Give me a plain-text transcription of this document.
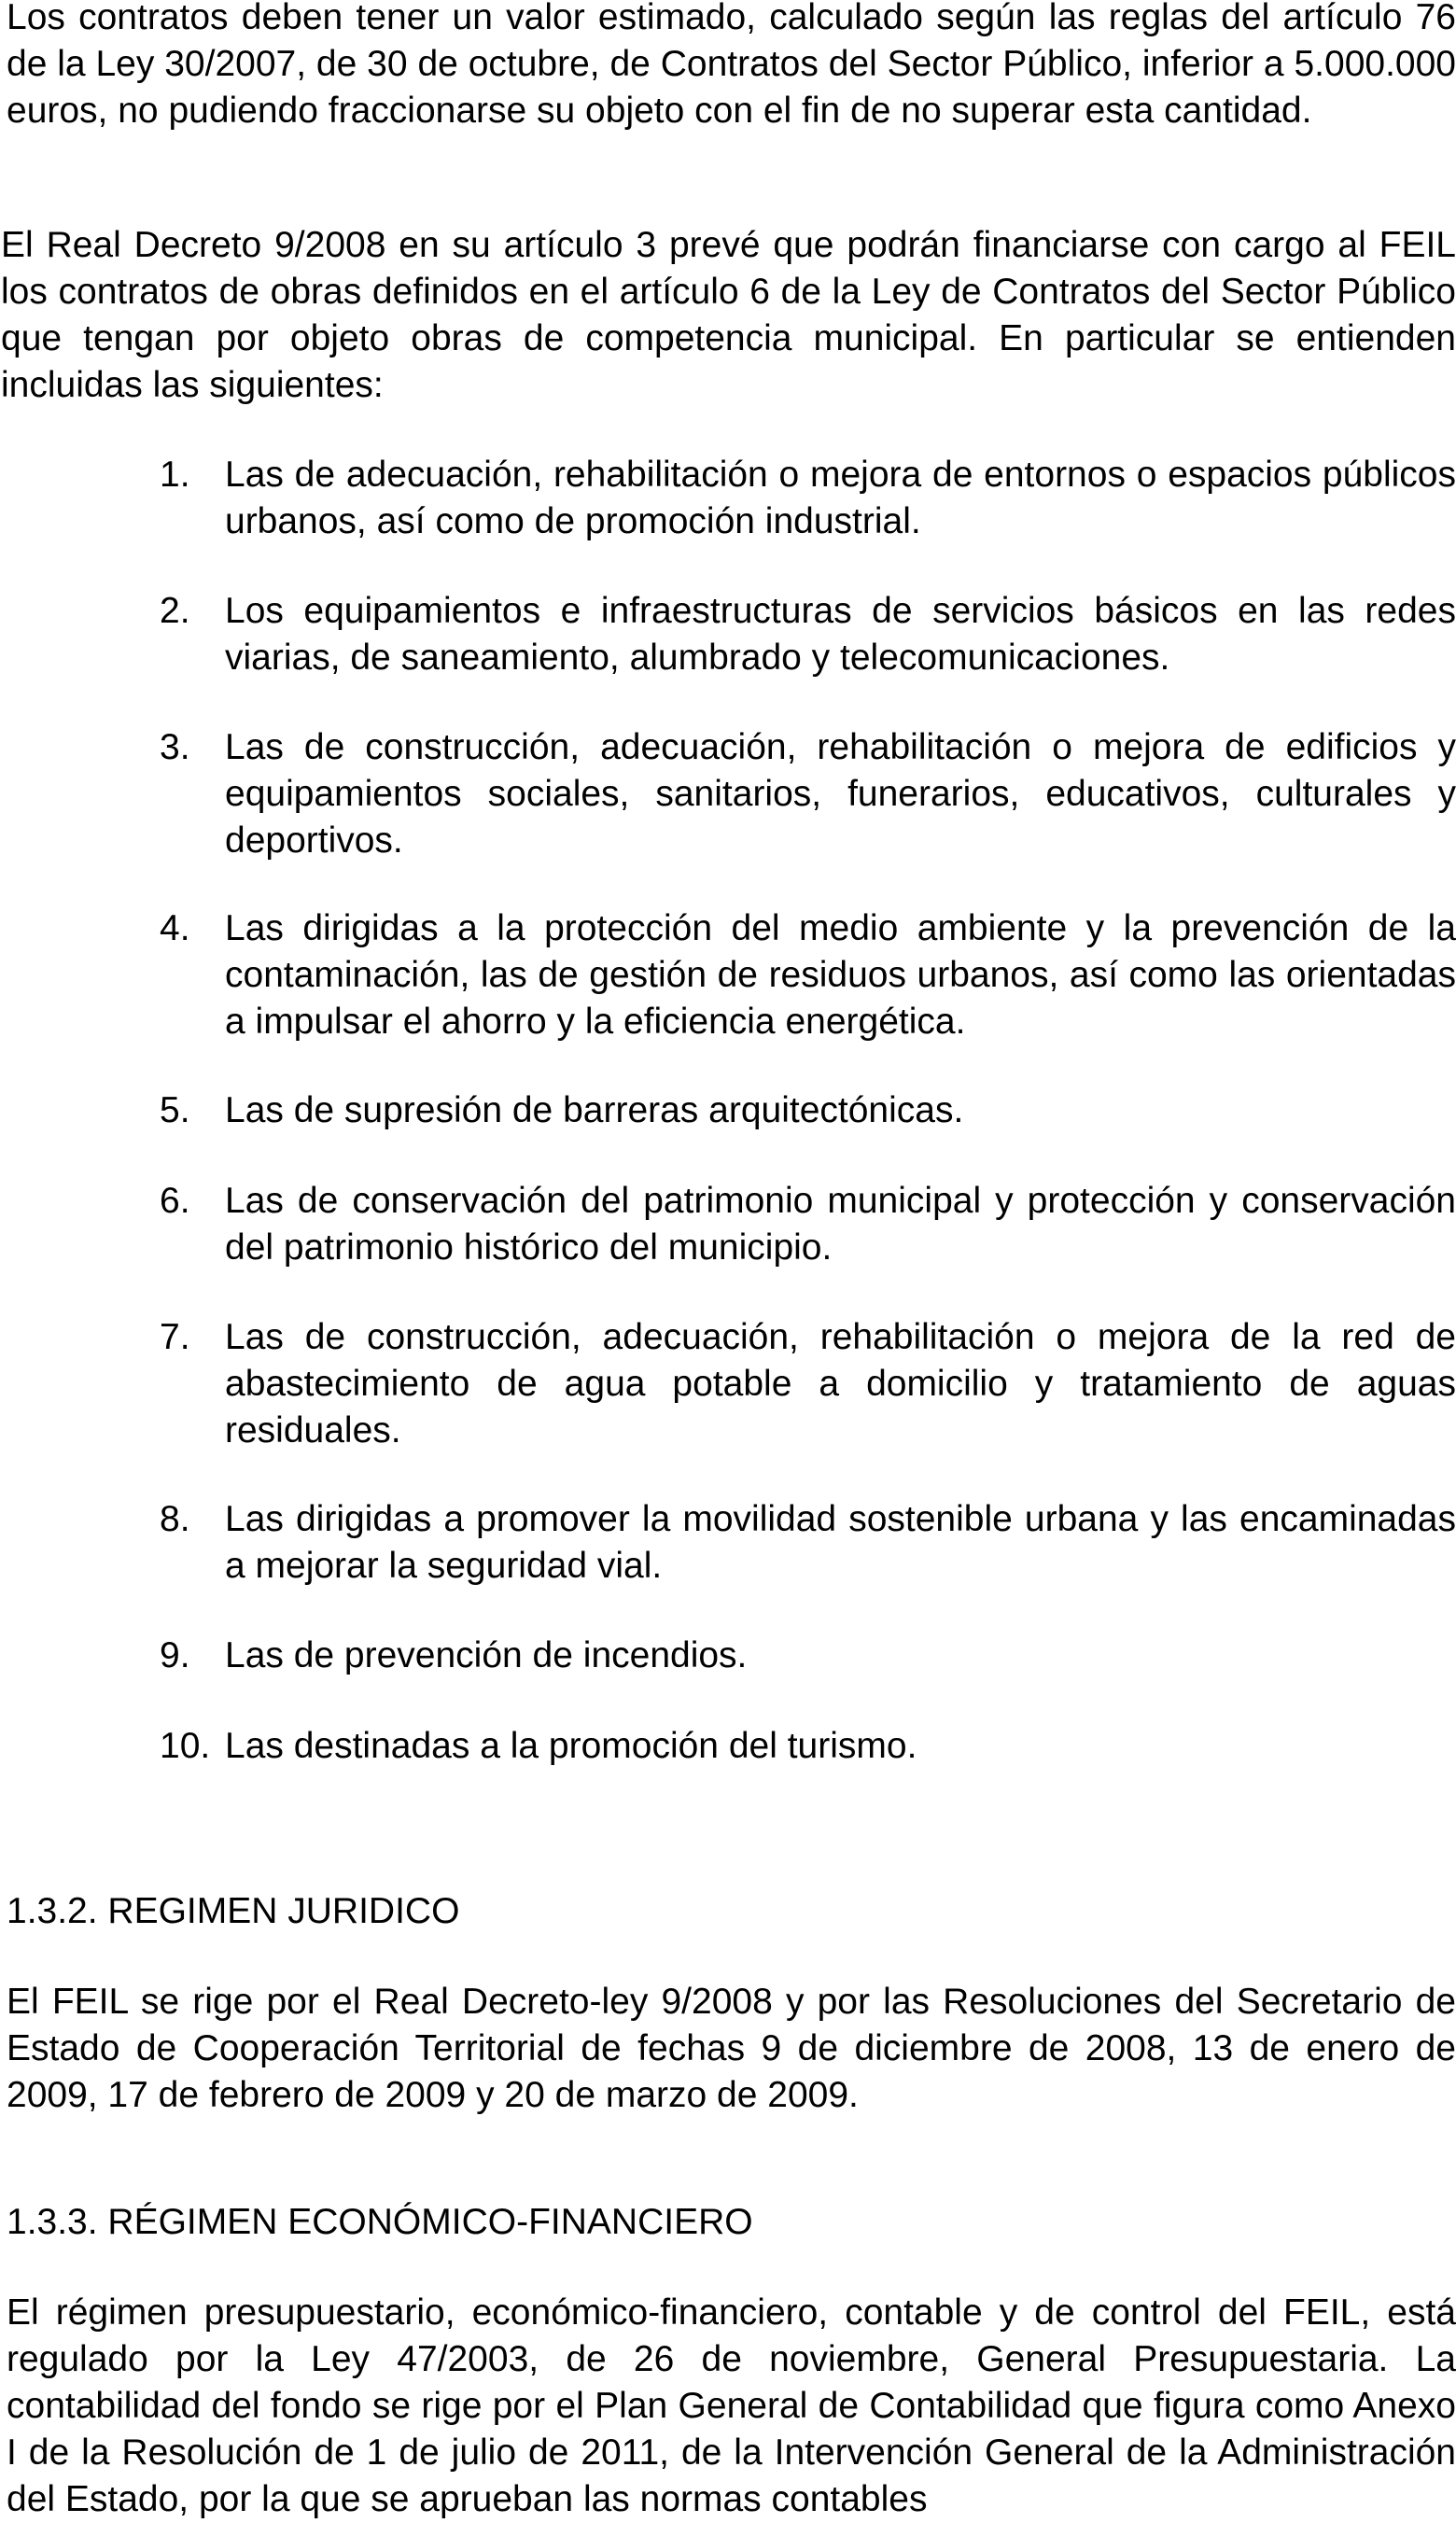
Los contratos deben tener un valor estimado, calculado según las reglas del artículo 76 de la Ley 30/2007, de 30 de octubre, de Contratos del Sector Público, inferior a 5.000.000 euros, no pudiendo fraccionarse su objeto con el fin de no superar esta cantidad.

El Real Decreto 9/2008 en su artículo 3 prevé que podrán financiarse con cargo al FEIL los contratos de obras definidos en el artículo 6 de la Ley de Contratos del Sector Público que tengan por objeto obras de competencia municipal. En particular se entienden incluidas las siguientes:

1. Las de adecuación, rehabilitación o mejora de entornos o espacios públicos urbanos, así como de promoción industrial.
2. Los equipamientos e infraestructuras de servicios básicos en las redes viarias, de saneamiento, alumbrado y telecomunicaciones.
3. Las de construcción, adecuación, rehabilitación o mejora de edificios y equipamientos sociales, sanitarios, funerarios, educativos, culturales y deportivos.
4. Las dirigidas a la protección del medio ambiente y la prevención de la contaminación, las de gestión de residuos urbanos, así como las orientadas a impulsar el ahorro y la eficiencia energética.
5. Las de supresión de barreras arquitectónicas.
6. Las de conservación del patrimonio municipal y protección y conservación del patrimonio histórico del municipio.
7. Las de construcción, adecuación, rehabilitación o mejora de la red de abastecimiento de agua potable a domicilio y tratamiento de aguas residuales.
8. Las dirigidas a promover la movilidad sostenible urbana y las encaminadas a mejorar la seguridad vial.
9. Las de prevención de incendios.
10. Las destinadas a la promoción del turismo.
1.3.2. REGIMEN JURIDICO

El FEIL se rige por el Real Decreto-ley 9/2008 y por las Resoluciones del Secretario de Estado de Cooperación Territorial de fechas 9 de diciembre de 2008, 13 de enero de 2009, 17 de febrero de 2009 y 20 de marzo de 2009.

1.3.3. RÉGIMEN ECONÓMICO-FINANCIERO

El régimen presupuestario, económico-financiero, contable y de control del FEIL, está regulado por la Ley 47/2003, de 26 de noviembre, General Presupuestaria. La contabilidad del fondo se rige por el Plan General de Contabilidad que figura como Anexo I de la Resolución de 1 de julio de 2011, de la Intervención General de la Administración del Estado, por la que se aprueban las normas contables
